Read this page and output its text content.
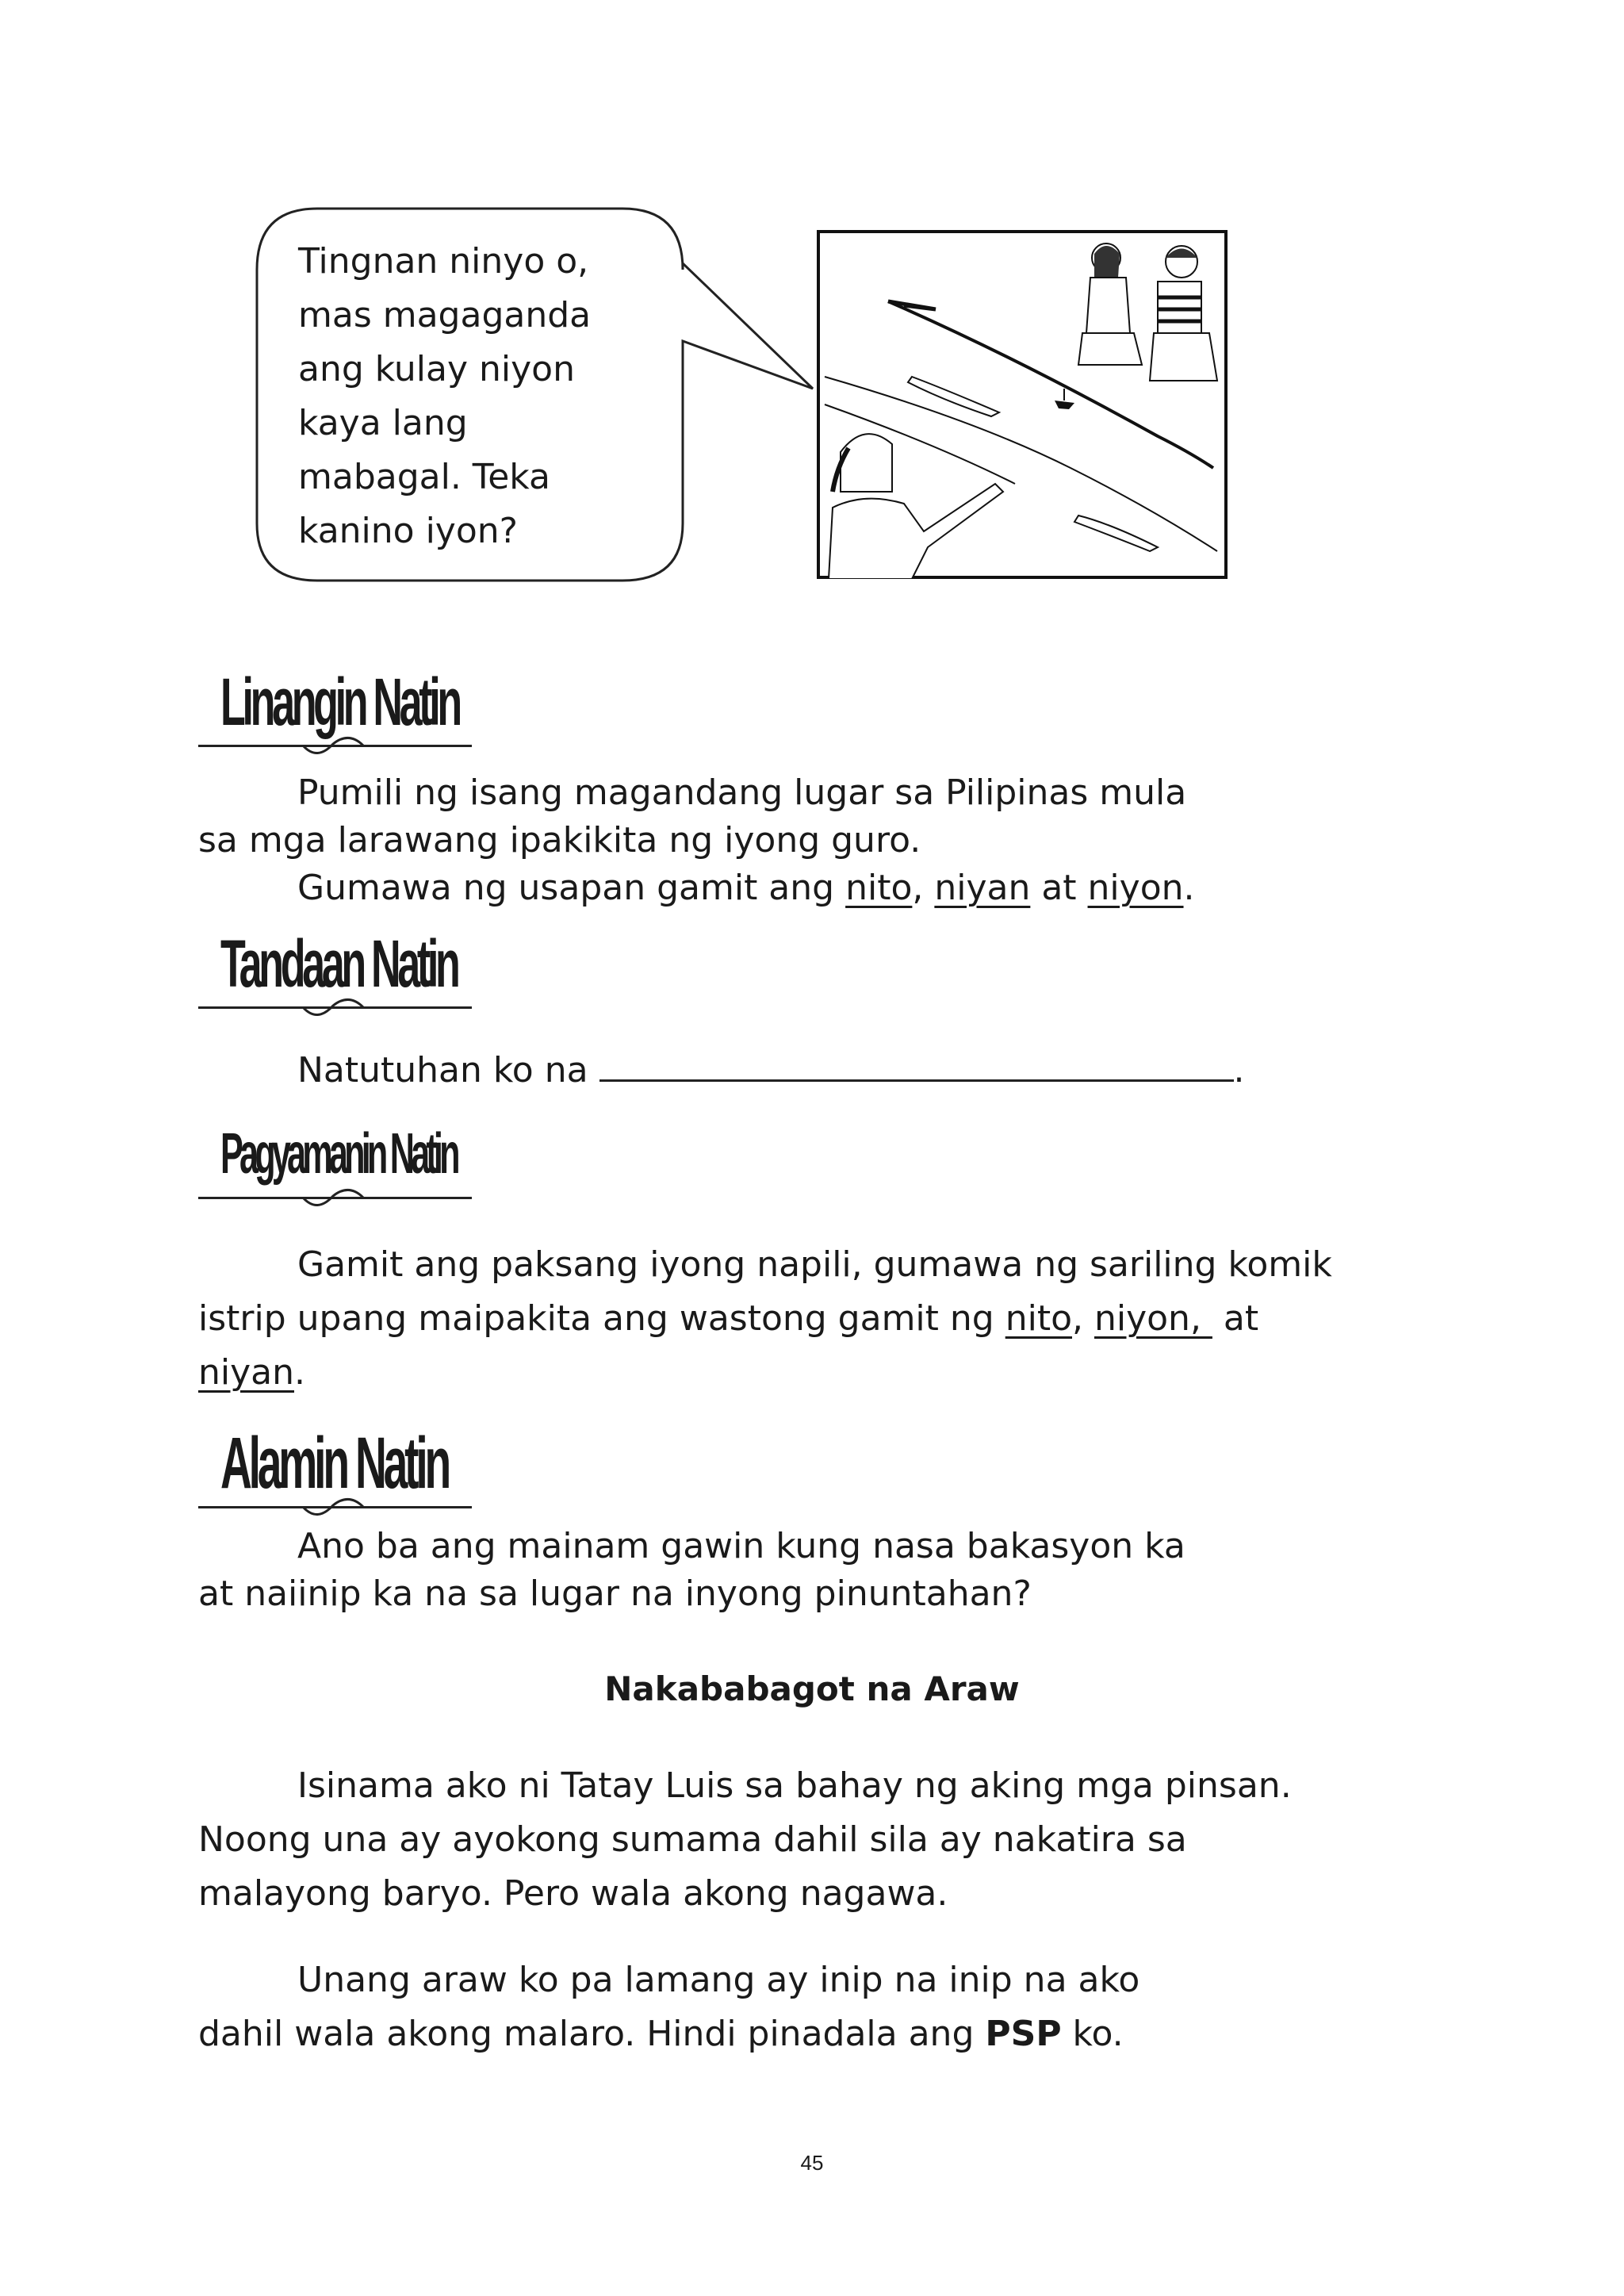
Tingnan ninyo o,
mas magaganda
ang kulay niyon
kaya lang
mabagal. Teka
kanino iyon?
Linangin Natin
Pumili ng isang magandang lugar sa Pilipinas mula
sa mga larawang ipakikita ng iyong guro.
Gumawa ng usapan gamit ang nito, niyan at niyon.
Tandaan Natin
Natutuhan ko na	.
Pagyamanin Natin
Gamit ang paksang iyong napili, gumawa ng sariling komik
istrip upang maipakita ang wastong gamit ng nito, niyon,  at
niyan.
Alamin Natin
Ano ba ang mainam gawin kung nasa bakasyon ka
at naiinip ka na sa lugar na inyong pinuntahan?
Nakababagot na Araw
Isinama ako ni Tatay Luis sa bahay ng aking mga pinsan.
Noong una ay ayokong sumama dahil sila ay nakatira sa
malayong baryo. Pero wala akong nagawa.
Unang araw ko pa lamang ay inip na inip na ako
dahil wala akong malaro. Hindi pinadala ang PSP ko.
45
